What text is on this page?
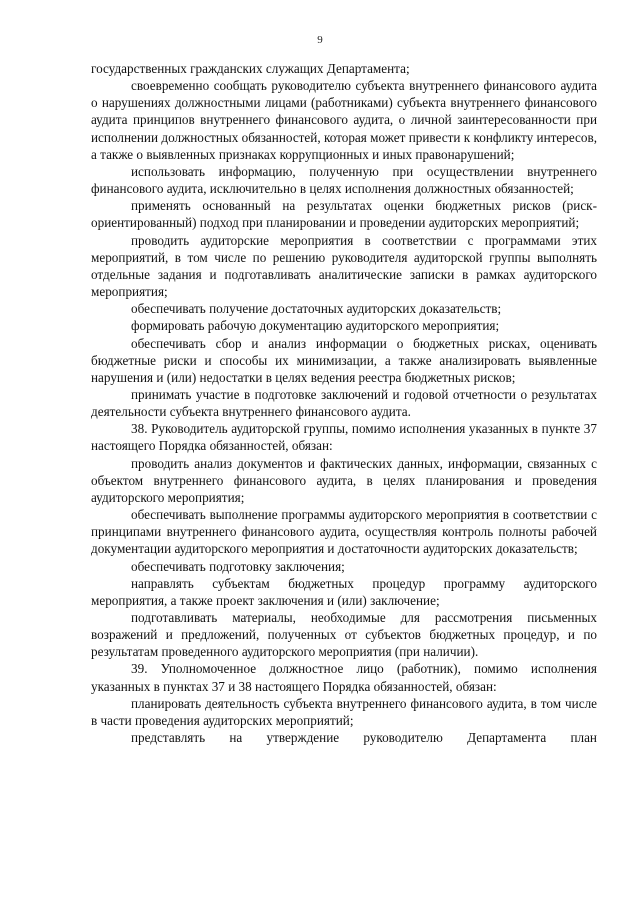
9

государственных гражданских служащих Департамента;

своевременно сообщать руководителю субъекта внутреннего финансового аудита о нарушениях должностными лицами (работниками) субъекта внутреннего финансового аудита принципов внутреннего финансового аудита, о личной заинтересованности при исполнении должностных обязанностей, которая может привести к конфликту интересов, а также о выявленных признаках коррупционных и иных правонарушений;

использовать информацию, полученную при осуществлении внутреннего финансового аудита, исключительно в целях исполнения должностных обязанностей;

применять основанный на результатах оценки бюджетных рисков (риск-ориентированный) подход при планировании и проведении аудиторских мероприятий;

проводить аудиторские мероприятия в соответствии с программами этих мероприятий, в том числе по решению руководителя аудиторской группы выполнять отдельные задания и подготавливать аналитические записки в рамках аудиторского мероприятия;

обеспечивать получение достаточных аудиторских доказательств;

формировать рабочую документацию аудиторского мероприятия;

обеспечивать сбор и анализ информации о бюджетных рисках, оценивать бюджетные риски и способы их минимизации, а также анализировать выявленные нарушения и (или) недостатки в целях ведения реестра бюджетных рисков;

принимать участие в подготовке заключений и годовой отчетности о результатах деятельности субъекта внутреннего финансового аудита.

38. Руководитель аудиторской группы, помимо исполнения указанных в пункте 37 настоящего Порядка обязанностей, обязан:

проводить анализ документов и фактических данных, информации, связанных с объектом внутреннего финансового аудита, в целях планирования и проведения аудиторского мероприятия;

обеспечивать выполнение программы аудиторского мероприятия в соответствии с принципами внутреннего финансового аудита, осуществляя контроль полноты рабочей документации аудиторского мероприятия и достаточности аудиторских доказательств;

обеспечивать подготовку заключения;

направлять субъектам бюджетных процедур программу аудиторского мероприятия, а также проект заключения и (или) заключение;

подготавливать материалы, необходимые для рассмотрения письменных возражений и предложений, полученных от субъектов бюджетных процедур, и по результатам проведенного аудиторского мероприятия (при наличии).

39. Уполномоченное должностное лицо (работник), помимо исполнения указанных в пунктах 37 и 38 настоящего Порядка обязанностей, обязан:

планировать деятельность субъекта внутреннего финансового аудита, в том числе в части проведения аудиторских мероприятий;

представлять на утверждение руководителю Департамента план
